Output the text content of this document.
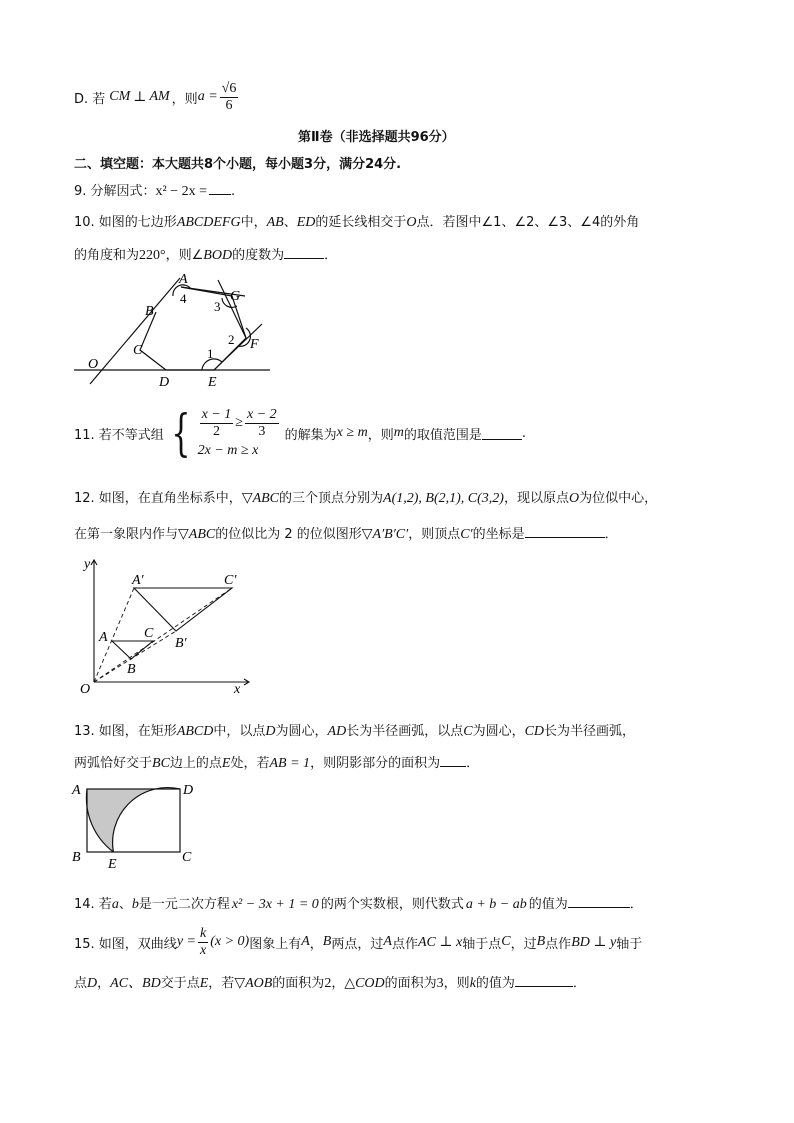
D. 若 CM ⊥ AM ，则 $a = \frac{√6}{6}$
第Ⅱ卷（非选择题共96分）
二、填空题：本大题共8个小题，每小题3分，满分24分.
9. 分解因式：x² − 2x = .
10. 如图的七边形ABCDEFG中，AB、ED的延长线相交于O点．若图中∠1、∠2、∠3、∠4的外角
的角度和为220°，则∠BOD的度数为	．
A
B
C
D	E
F
G
O
1
2
3
4
11. 若不等式组 { $\frac{x - 1}{2} \ge \frac{x - 2}{3}$
2x − m ≥ x
的解集为 x ≥ m ，则 m 的取值范围是	.
12. 如图，在直角坐标系中，▽ABC的三个顶点分别为A(1,2), B(2,1), C(3,2)，现以原点O为位似中心，
在第一象限内作与▽ABC的位似比为 2 的位似图形▽A′B′C′，则顶点C′的坐标是	．
y
x
O
A
B
C
A′
B′
C′
13. 如图，在矩形ABCD中，以点D为圆心，AD长为半径画弧，以点C为圆心，CD长为半径画弧，
两弧恰好交于BC边上的点E处，若AB = 1，则阴影部分的面积为 ．
A
B	C
D
E
14. 若a、b是一元二次方程 x² − 3x + 1 = 0 的两个实数根，则代数式 a + b − ab 的值为	．
15. 如图，双曲线 $y = \frac{k}{x} (x > 0)$ 图象上有 A ， B 两点，过 A 点作 AC ⊥ x 轴于点 C ，过 B 点作 BD ⊥ y 轴于
点D，AC、BD交于点E，若▽AOB的面积为2，△COD的面积为3，则k的值为	．
